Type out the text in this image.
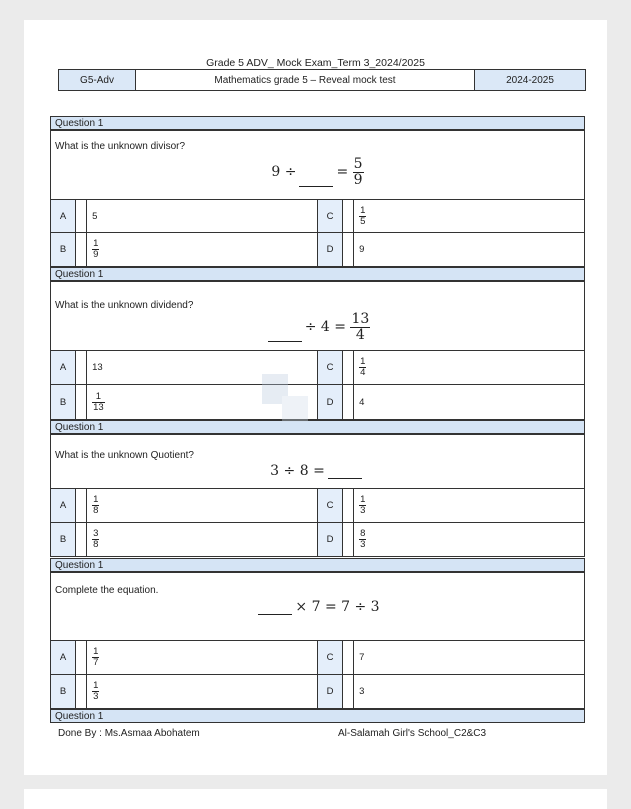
Grade 5 ADV_ Mock Exam_Term 3_2024/2025
G5-Adv	Mathematics grade 5 – Reveal mock test	2024-2025
Question 1
What is the unknown divisor?
9 ÷	= $\frac{5}{9}$
A		5	C		$\frac{1}{5}$

B		$\frac{1}{9}$	D		9
Question 1
What is the unknown dividend?
÷ $4 = \frac{13}{4}$
A		13	C		$\frac{1}{4}$

B		$\frac{1}{13}$	D		4
Question 1
What is the unknown Quotient?
3 ÷ 8 =
A		$\frac{1}{8}$	C		$\frac{1}{3}$

B		$\frac{3}{8}$	D		$\frac{8}{3}$
Question 1
Complete the equation.
× 7 = 7 ÷ 3
A		$\frac{1}{7}$	C		7
B		$\frac{1}{3}$	D		3
Question 1
Done By : Ms.Asmaa Abohatem	Al-Salamah Girl's School_C2&C3
